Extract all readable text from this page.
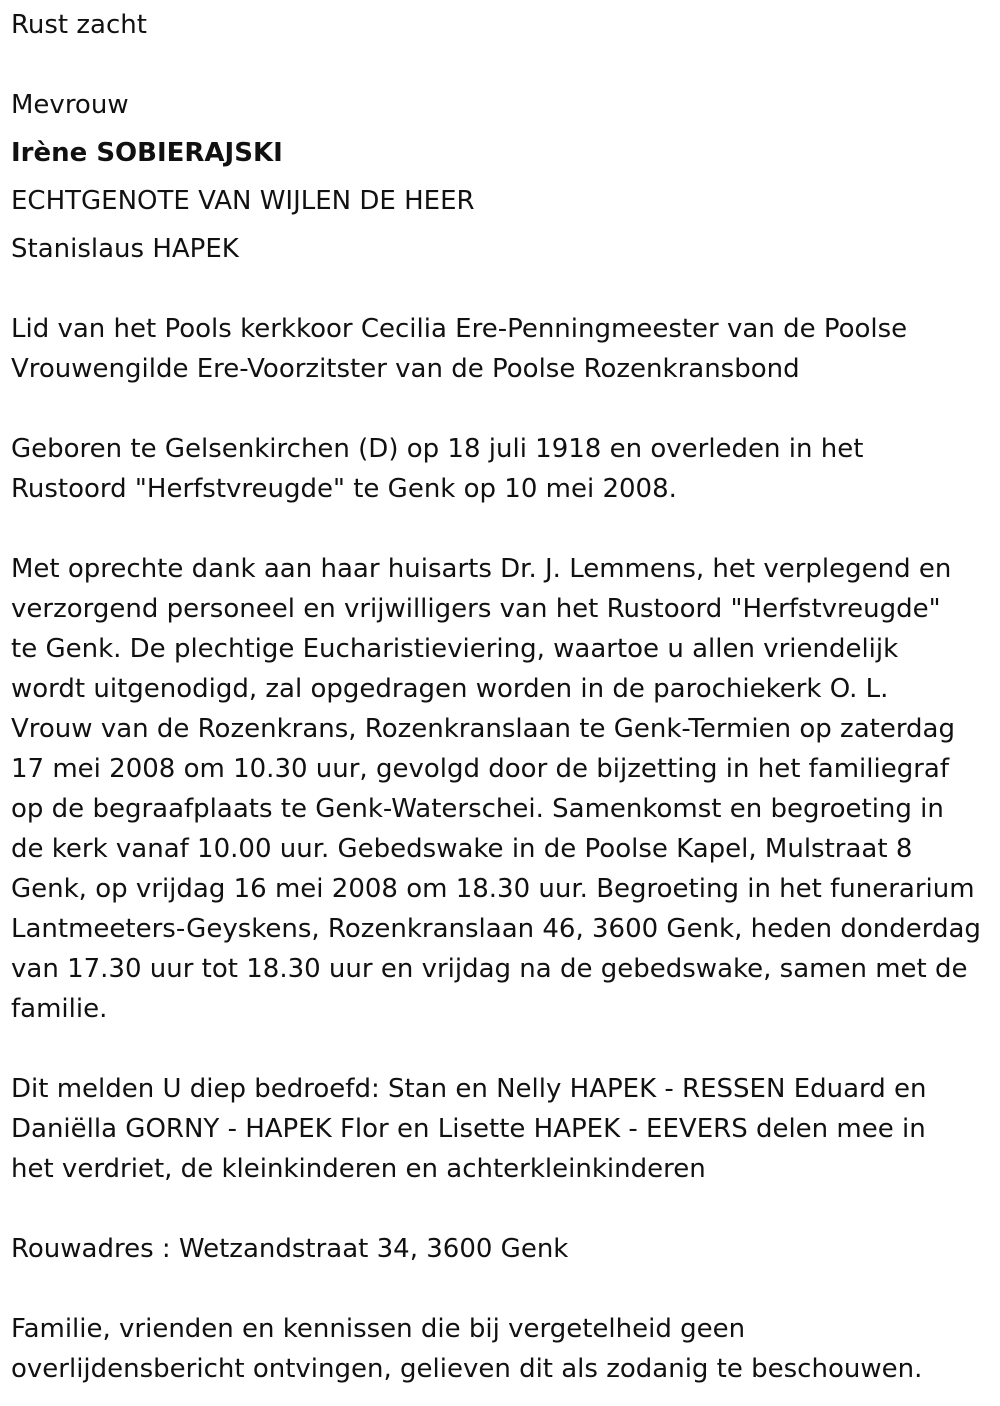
Rust zacht
Mevrouw
Irène SOBIERAJSKI
ECHTGENOTE VAN WIJLEN DE HEER
Stanislaus HAPEK
Lid van het Pools kerkkoor Cecilia Ere-Penningmeester van de Poolse
Vrouwengilde Ere-Voorzitster van de Poolse Rozenkransbond
Geboren te Gelsenkirchen (D) op 18 juli 1918 en overleden in het
Rustoord "Herfstvreugde" te Genk op 10 mei 2008.
Met oprechte dank aan haar huisarts Dr. J. Lemmens, het verplegend en
verzorgend personeel en vrijwilligers van het Rustoord "Herfstvreugde"
te Genk. De plechtige Eucharistieviering, waartoe u allen vriendelijk
wordt uitgenodigd, zal opgedragen worden in de parochiekerk O. L.
Vrouw van de Rozenkrans, Rozenkranslaan te Genk-Termien op zaterdag
17 mei 2008 om 10.30 uur, gevolgd door de bijzetting in het familiegraf
op de begraafplaats te Genk-Waterschei. Samenkomst en begroeting in
de kerk vanaf 10.00 uur. Gebedswake in de Poolse Kapel, Mulstraat 8
Genk, op vrijdag 16 mei 2008 om 18.30 uur. Begroeting in het funerarium
Lantmeeters-Geyskens, Rozenkranslaan 46, 3600 Genk, heden donderdag
van 17.30 uur tot 18.30 uur en vrijdag na de gebedswake, samen met de
familie.
Dit melden U diep bedroefd: Stan en Nelly HAPEK - RESSEN Eduard en
Daniëlla GORNY - HAPEK Flor en Lisette HAPEK - EEVERS delen mee in
het verdriet, de kleinkinderen en achterkleinkinderen
Rouwadres : Wetzandstraat 34, 3600 Genk
Familie, vrienden en kennissen die bij vergetelheid geen
overlijdensbericht ontvingen, gelieven dit als zodanig te beschouwen.
